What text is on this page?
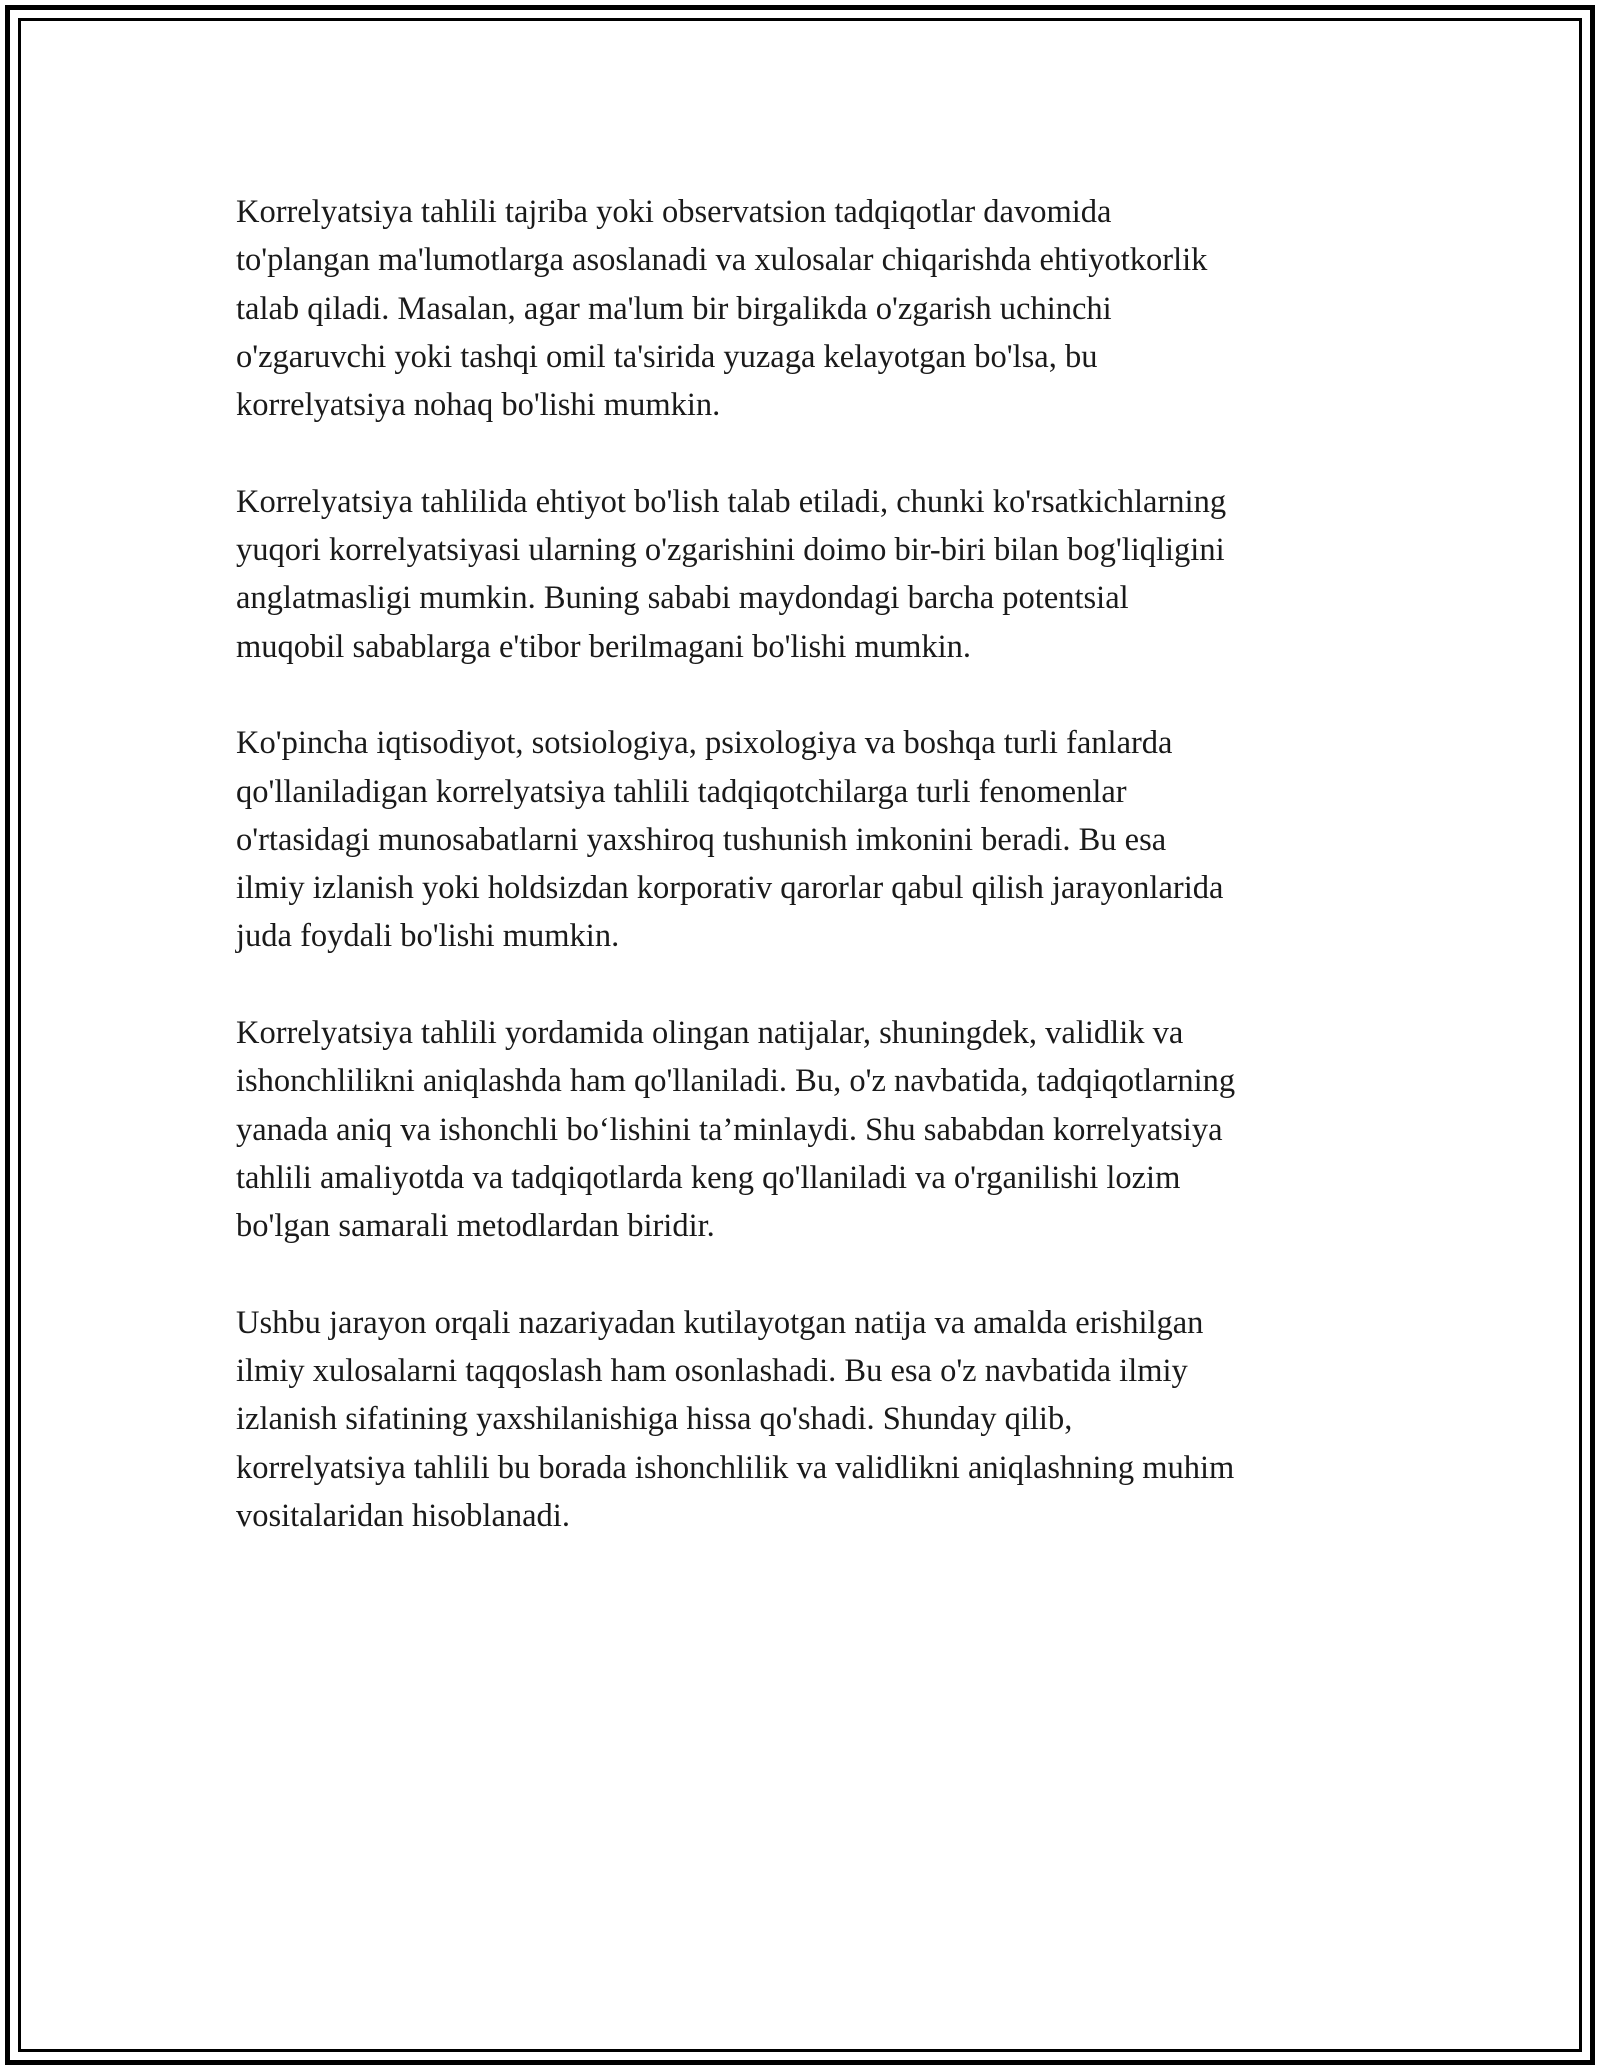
Korrelyatsiya tahlili tajriba yoki observatsion tadqiqotlar davomida
to'plangan ma'lumotlarga asoslanadi va xulosalar chiqarishda ehtiyotkorlik
talab qiladi. Masalan, agar ma'lum bir birgalikda o'zgarish uchinchi
o'zgaruvchi yoki tashqi omil ta'sirida yuzaga kelayotgan bo'lsa, bu
korrelyatsiya nohaq bo'lishi mumkin.

Korrelyatsiya tahlilida ehtiyot bo'lish talab etiladi, chunki ko'rsatkichlarning
yuqori korrelyatsiyasi ularning o'zgarishini doimo bir-biri bilan bog'liqligini
anglatmasligi mumkin. Buning sababi maydondagi barcha potentsial
muqobil sabablarga e'tibor berilmagani bo'lishi mumkin.

Ko'pincha iqtisodiyot, sotsiologiya, psixologiya va boshqa turli fanlarda
qo'llaniladigan korrelyatsiya tahlili tadqiqotchilarga turli fenomenlar
o'rtasidagi munosabatlarni yaxshiroq tushunish imkonini beradi. Bu esa
ilmiy izlanish yoki holdsizdan korporativ qarorlar qabul qilish jarayonlarida
juda foydali bo'lishi mumkin.

Korrelyatsiya tahlili yordamida olingan natijalar, shuningdek, validlik va
ishonchlilikni aniqlashda ham qo'llaniladi. Bu, o'z navbatida, tadqiqotlarning
yanada aniq va ishonchli bo‘lishini ta’minlaydi. Shu sababdan korrelyatsiya
tahlili amaliyotda va tadqiqotlarda keng qo'llaniladi va o'rganilishi lozim
bo'lgan samarali metodlardan biridir.

Ushbu jarayon orqali nazariyadan kutilayotgan natija va amalda erishilgan
ilmiy xulosalarni taqqoslash ham osonlashadi. Bu esa o'z navbatida ilmiy
izlanish sifatining yaxshilanishiga hissa qo'shadi. Shunday qilib,
korrelyatsiya tahlili bu borada ishonchlilik va validlikni aniqlashning muhim
vositalaridan hisoblanadi.
